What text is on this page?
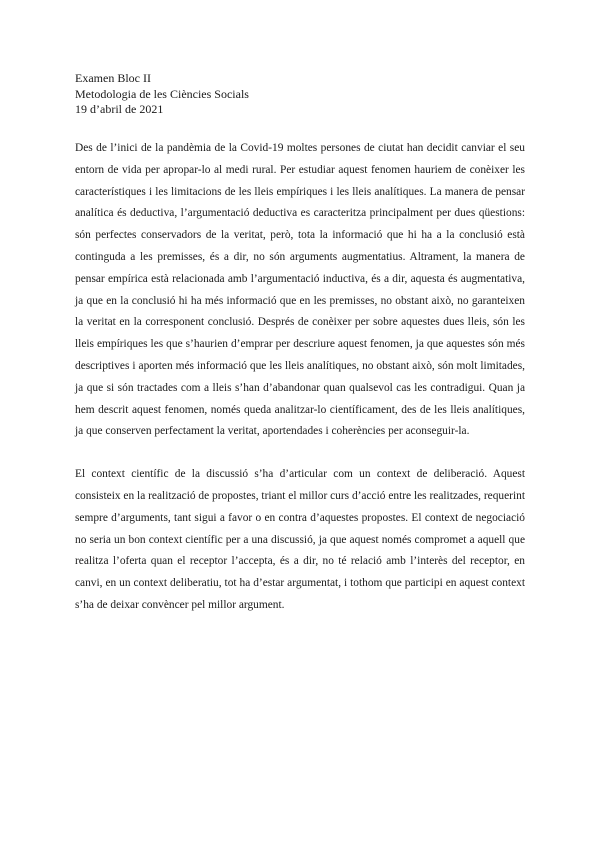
Examen Bloc II
Metodologia de les Ciències Socials
19 d’abril de 2021

Des de l’inici de la pandèmia de la Covid-19 moltes persones de ciutat han decidit canviar el seu entorn de vida per apropar-lo al medi rural. Per estudiar aquest fenomen hauriem de conèixer les característiques i les limitacions de les lleis empíriques i les lleis analítiques. La manera de pensar analítica és deductiva, l’argumentació deductiva es caracteritza principalment per dues qüestions: són perfectes conservadors de la veritat, però, tota la informació que hi ha a la conclusió està continguda a les premisses, és a dir, no són arguments augmentatius. Altrament, la manera de pensar empírica està relacionada amb l’argumentació inductiva, és a dir, aquesta és augmentativa, ja que en la conclusió hi ha més informació que en les premisses, no obstant això, no garanteixen la veritat en la corresponent conclusió. Després de conèixer per sobre aquestes dues lleis, són les lleis empíriques les que s’haurien d’emprar per descriure aquest fenomen, ja que aquestes són més descriptives i aporten més informació que les lleis analítiques, no obstant això, són molt limitades, ja que si són tractades com a lleis s’han d’abandonar quan qualsevol cas les contradigui. Quan ja hem descrit aquest fenomen, només queda analitzar-lo científicament, des de les lleis analítiques, ja que conserven perfectament la veritat, aportendades i coherències per aconseguir-la.

El context científic de la discussió s’ha d’articular com un context de deliberació. Aquest consisteix en la realització de propostes, triant el millor curs d’acció entre les realitzades, requerint sempre d’arguments, tant sigui a favor o en contra d’aquestes propostes. El context de negociació no seria un bon context científic per a una discussió, ja que aquest només compromet a aquell que realitza l’oferta quan el receptor l’accepta, és a dir, no té relació amb l’interès del receptor, en canvi, en un context deliberatiu, tot ha d’estar argumentat, i tothom que participi en aquest context s’ha de deixar convèncer pel millor argument.
